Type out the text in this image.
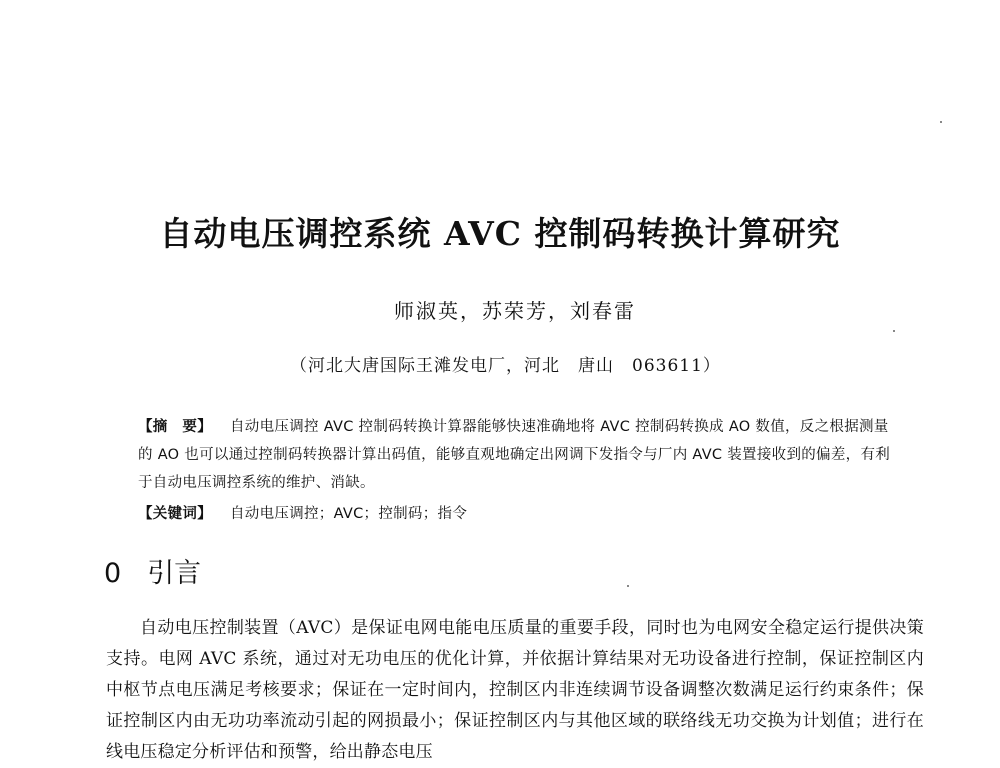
自动电压调控系统 AVC 控制码转换计算研究
师淑英，苏荣芳，刘春雷
（河北大唐国际王滩发电厂，河北　唐山　063611）
【摘　要】 自动电压调控 AVC 控制码转换计算器能够快速准确地将 AVC 控制码转换成 AO 数值，反之根据测量的 AO 也可以通过控制码转换器计算出码值，能够直观地确定出网调下发指令与厂内 AVC 装置接收到的偏差，有利于自动电压调控系统的维护、消缺。
【关键词】 自动电压调控；AVC；控制码；指令
0 引言
自动电压控制装置（AVC）是保证电网电能电压质量的重要手段，同时也为电网安全稳定运行提供决策支持。电网 AVC 系统，通过对无功电压的优化计算，并依据计算结果对无功设备进行控制，保证控制区内中枢节点电压满足考核要求；保证在一定时间内，控制区内非连续调节设备调整次数满足运行约束条件；保证控制区内由无功功率流动引起的网损最小；保证控制区内与其他区域的联络线无功交换为计划值；进行在线电压稳定分析评估和预警，给出静态电压
